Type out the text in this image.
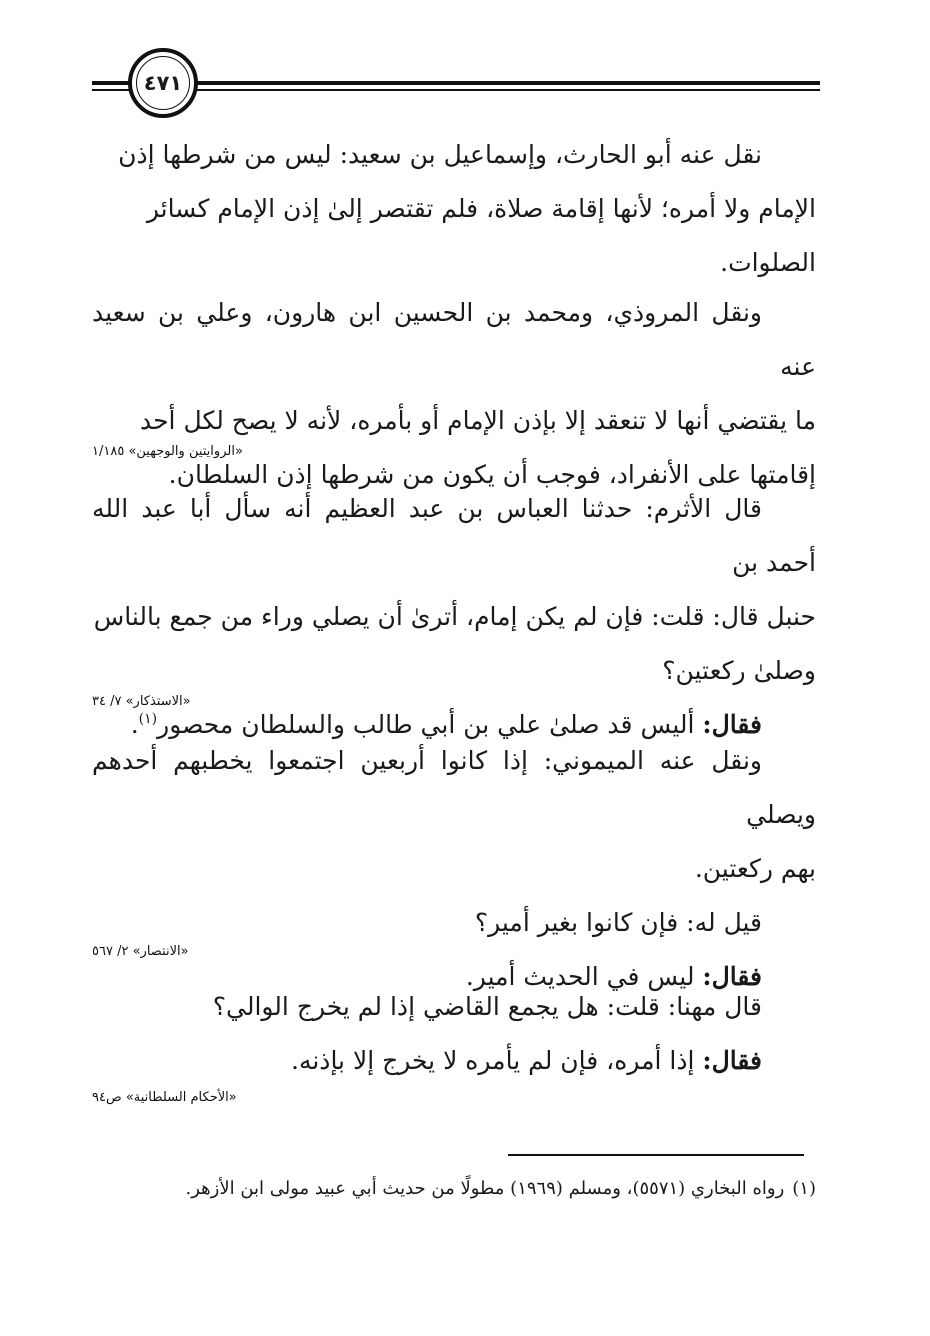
٤٧١

نقل عنه أبو الحارث، وإسماعيل بن سعيد: ليس من شرطها إذن

الإمام ولا أمره؛ لأنها إقامة صلاة، فلم تقتصر إلىٰ إذن الإمام كسائر

الصلوات.

ونقل المروذي، ومحمد بن الحسين ابن هارون، وعلي بن سعيد عنه

ما يقتضي أنها لا تنعقد إلا بإذن الإمام أو بأمره، لأنه لا يصح لكل أحد

إقامتها على الأنفراد، فوجب أن يكون من شرطها إذن السلطان.

«الروايتين والوجهين» ١/١٨٥

قال الأثرم: حدثنا العباس بن عبد العظيم أنه سأل أبا عبد الله أحمد بن

حنبل قال: قلت: فإن لم يكن إمام، أترىٰ أن يصلي وراء من جمع بالناس

وصلىٰ ركعتين؟

فقال: أليس قد صلىٰ علي بن أبي طالب والسلطان محصور$^{(١)}$.

«الاستذكار» ٧/ ٣٤

ونقل عنه الميموني: إذا كانوا أربعين اجتمعوا يخطبهم أحدهم ويصلي

بهم ركعتين.

قيل له: فإن كانوا بغير أمير؟

فقال: ليس في الحديث أمير.

«الانتصار» ٢/ ٥٦٧

قال مهنا: قلت: هل يجمع القاضي إذا لم يخرج الوالي؟

فقال: إذا أمره، فإن لم يأمره لا يخرج إلا بإذنه.

«الأحكام السلطانية» ص٩٤
(١)رواه البخاري (٥٥٧١)، ومسلم (١٩٦٩) مطولًا من حديث أبي عبيد مولى ابن الأزهر.
